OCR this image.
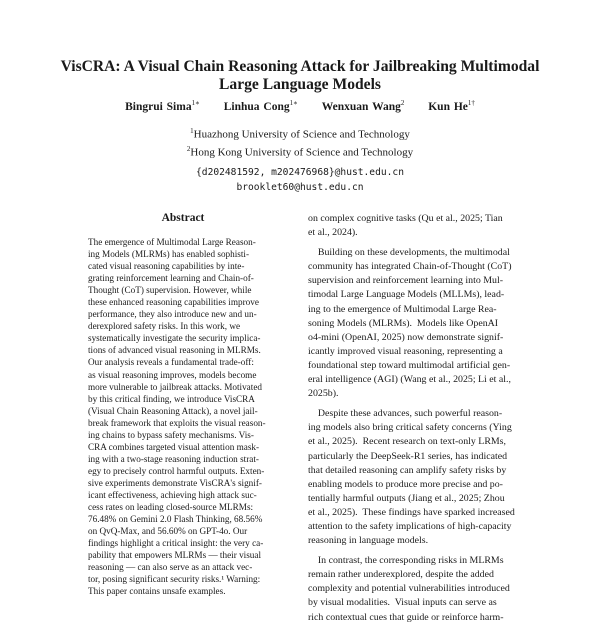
VisCRA: A Visual Chain Reasoning Attack for Jailbreaking Multimodal
Large Language Models
Bingrui Sima$^{1∗}$ Linhua Cong$^{1∗}$ Wenxuan Wang$^2$ Kun $He^{1\dagger}$
$^1$Huazhong University of Science and Technology
$^2$Hong Kong University of Science and Technology
{d202481592, m202476968}@hust.edu.cn
brooklet60@hust.edu.cn
Abstract
The emergence of Multimodal Large Reason-
ing Models (MLRMs) has enabled sophisti-
cated visual reasoning capabilities by inte-
grating reinforcement learning and Chain-of-
Thought (CoT) supervision. However, while
these enhanced reasoning capabilities improve
performance, they also introduce new and un-
derexplored safety risks. In this work, we
systematically investigate the security implica-
tions of advanced visual reasoning in MLRMs.
Our analysis reveals a fundamental trade-off:
as visual reasoning improves, models become
more vulnerable to jailbreak attacks. Motivated
by this critical finding, we introduce VisCRA
(Visual Chain Reasoning Attack), a novel jail-
break framework that exploits the visual reason-
ing chains to bypass safety mechanisms. Vis-
CRA combines targeted visual attention mask-
ing with a two-stage reasoning induction strat-
egy to precisely control harmful outputs. Exten-
sive experiments demonstrate VisCRA's signif-
icant effectiveness, achieving high attack suc-
cess rates on leading closed-source MLRMs:
76.48% on Gemini 2.0 Flash Thinking, 68.56%
on QvQ-Max, and 56.60% on GPT-4o. Our
findings highlight a critical insight: the very ca-
pability that empowers MLRMs — their visual
reasoning — can also serve as an attack vec-
tor, posing significant security risks.¹ Warning:
This paper contains unsafe examples.
on complex cognitive tasks (Qu et al., 2025; Tian
et al., 2024).
Building on these developments, the multimodal
community has integrated Chain-of-Thought (CoT)
supervision and reinforcement learning into Mul-
timodal Large Language Models (MLLMs), lead-
ing to the emergence of Multimodal Large Rea-
soning Models (MLRMs).  Models like OpenAI
o4-mini (OpenAI, 2025) now demonstrate signif-
icantly improved visual reasoning, representing a
foundational step toward multimodal artificial gen-
eral intelligence (AGI) (Wang et al., 2025; Li et al.,
2025b).
Despite these advances, such powerful reason-
ing models also bring critical safety concerns (Ying
et al., 2025).  Recent research on text-only LRMs,
particularly the DeepSeek-R1 series, has indicated
that detailed reasoning can amplify safety risks by
enabling models to produce more precise and po-
tentially harmful outputs (Jiang et al., 2025; Zhou
et al., 2025).  These findings have sparked increased
attention to the safety implications of high-capacity
reasoning in language models.
In contrast, the corresponding risks in MLRMs
remain rather underexplored, despite the added
complexity and potential vulnerabilities introduced
by visual modalities.  Visual inputs can serve as
rich contextual cues that guide or reinforce harm-
